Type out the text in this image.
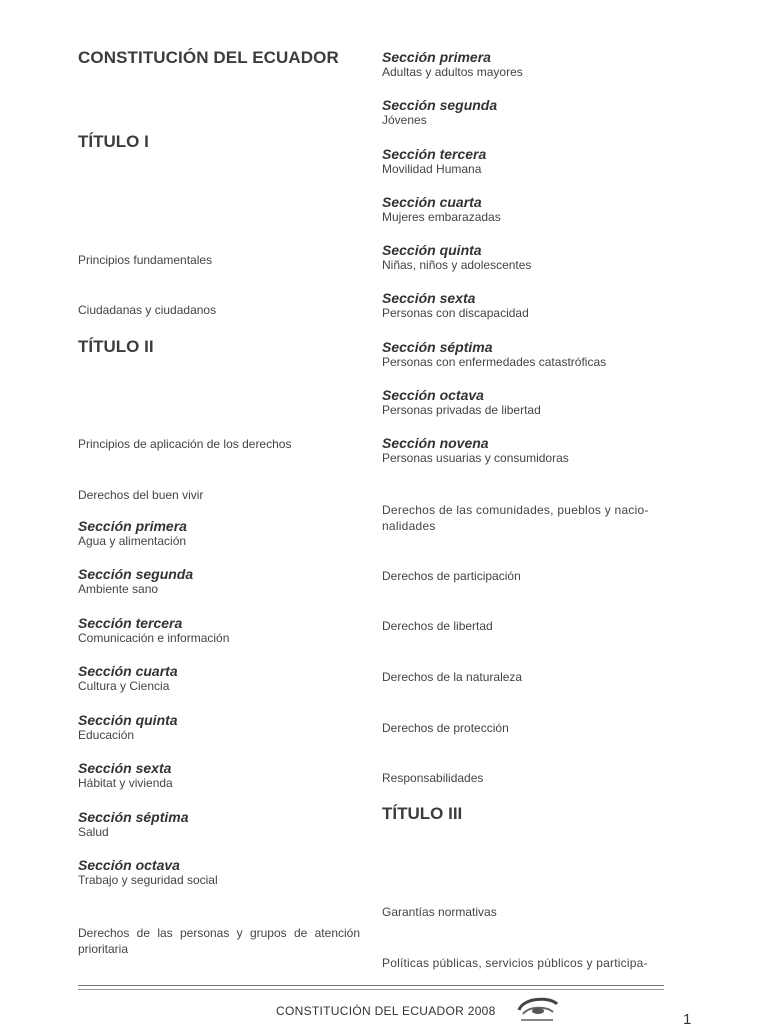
CONSTITUCIÓN DEL ECUADOR
TÍTULO I
Principios fundamentales
Ciudadanas y ciudadanos
TÍTULO II
Principios de aplicación de los derechos
Derechos del buen vivir
Sección primera
Agua y alimentación
Sección segunda
Ambiente sano
Sección tercera
Comunicación e información
Sección cuarta
Cultura y Ciencia
Sección quinta
Educación
Sección sexta
Hábitat y vivienda
Sección séptima
Salud
Sección octava
Trabajo y seguridad social
Derechos de las personas y grupos de atención prioritaria
Sección primera
Adultas y adultos mayores
Sección segunda
Jóvenes
Sección tercera
Movilidad Humana
Sección cuarta
Mujeres embarazadas
Sección quinta
Niñas, niños y adolescentes
Sección sexta
Personas con discapacidad
Sección séptima
Personas con enfermedades catastróficas
Sección octava
Personas privadas de libertad
Sección novena
Personas usuarias y consumidoras
Derechos de las comunidades, pueblos y nacio-nalidades
Derechos de participación
Derechos de libertad
Derechos de la naturaleza
Derechos de protección
Responsabilidades
TÍTULO III
Garantías normativas
Políticas públicas, servicios públicos y participa-
CONSTITUCIÓN DEL ECUADOR 2008	1
